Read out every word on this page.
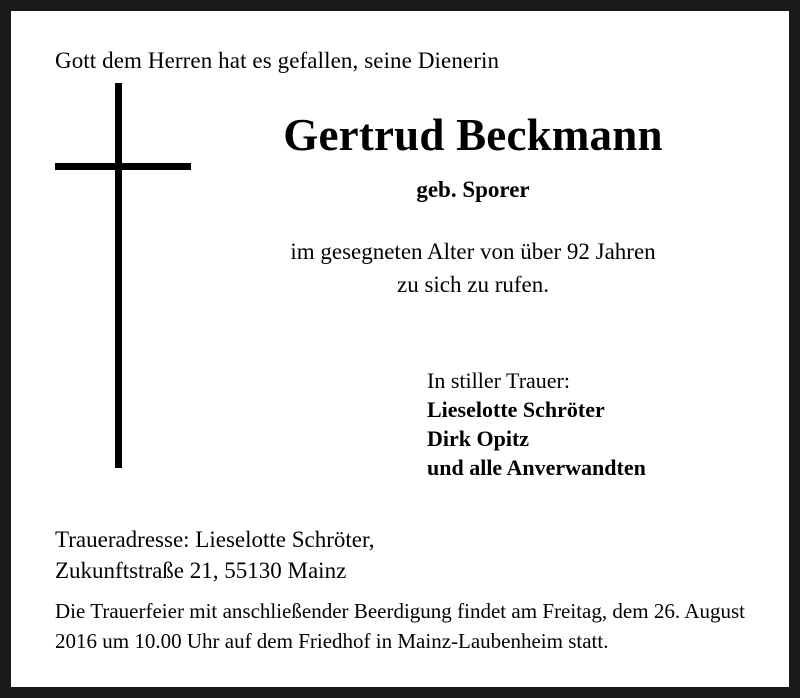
Gott dem Herren hat es gefallen, seine Dienerin
Gertrud Beckmann
geb. Sporer
im gesegneten Alter von über 92 Jahren
zu sich zu rufen.
In stiller Trauer:
Lieselotte Schröter
Dirk Opitz
und alle Anverwandten
Traueradresse: Lieselotte Schröter,
Zukunftstraße 21, 55130 Mainz
Die Trauerfeier mit anschließender Beerdigung findet am Freitag, dem 26. August 2016 um 10.00 Uhr auf dem Friedhof in Mainz-Laubenheim statt.
